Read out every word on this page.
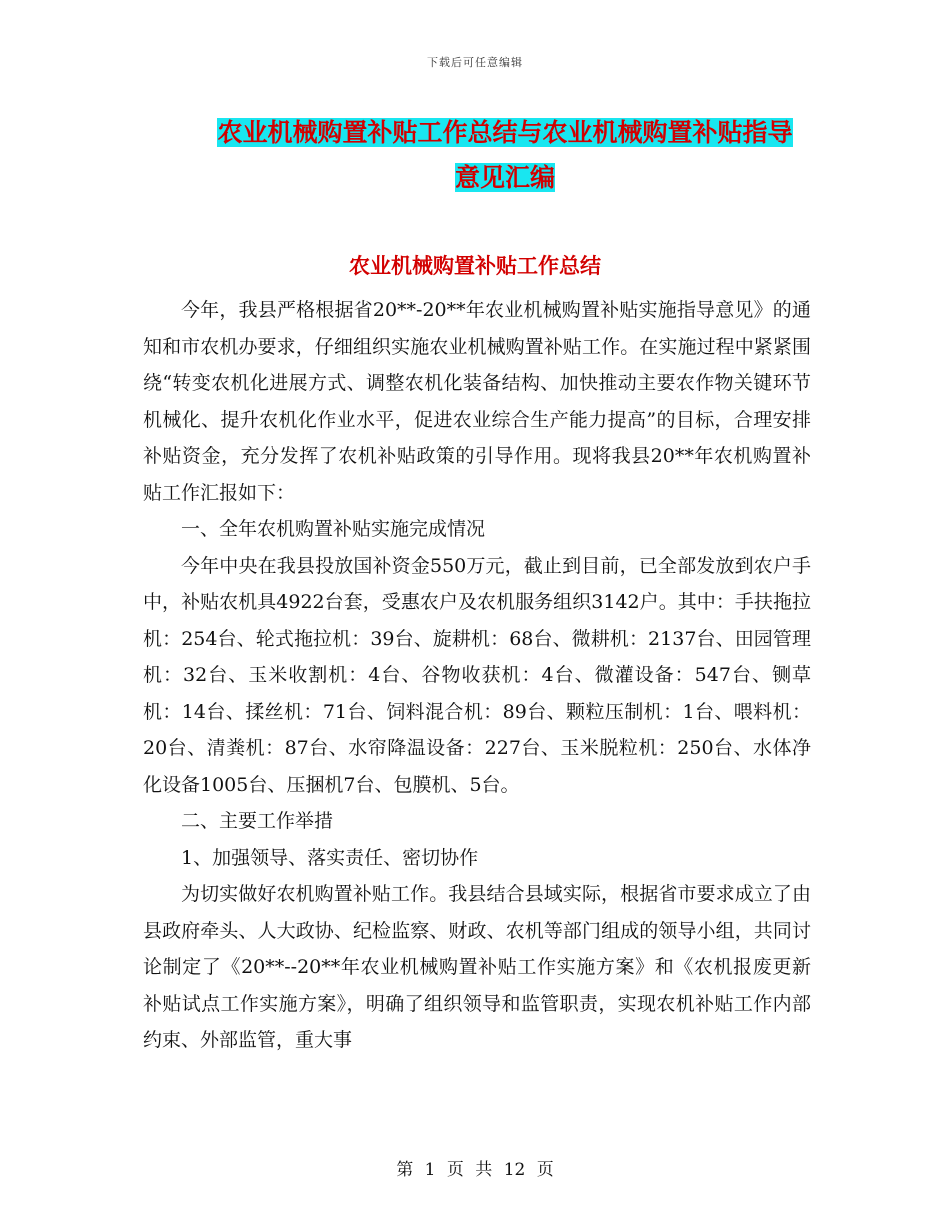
下载后可任意编辑
农业机械购置补贴工作总结与农业机械购置补贴指导
意见汇编
农业机械购置补贴工作总结

今年，我县严格根据省20**-20**年农业机械购置补贴实施指导意见》的通知和市农机办要求，仔细组织实施农业机械购置补贴工作。在实施过程中紧紧围绕“转变农机化进展方式、调整农机化装备结构、加快推动主要农作物关键环节机械化、提升农机化作业水平，促进农业综合生产能力提高”的目标，合理安排补贴资金，充分发挥了农机补贴政策的引导作用。现将我县20**年农机购置补贴工作汇报如下：

一、全年农机购置补贴实施完成情况

今年中央在我县投放国补资金550万元，截止到目前，已全部发放到农户手中，补贴农机具4922台套，受惠农户及农机服务组织3142户。其中：手扶拖拉机：254台、轮式拖拉机：39台、旋耕机：68台、微耕机：2137台、田园管理机：32台、玉米收割机：4台、谷物收获机：4台、微灌设备：547台、铡草机：14台、揉丝机：71台、饲料混合机：89台、颗粒压制机：1台、喂料机：20台、清粪机：87台、水帘降温设备：227台、玉米脱粒机：250台、水体净化设备1005台、压捆机7台、包膜机、5台。

二、主要工作举措

1、加强领导、落实责任、密切协作

为切实做好农机购置补贴工作。我县结合县域实际，根据省市要求成立了由县政府牵头、人大政协、纪检监察、财政、农机等部门组成的领导小组，共同讨论制定了《20**--20**年农业机械购置补贴工作实施方案》和《农机报废更新补贴试点工作实施方案》，明确了组织领导和监管职责，实现农机补贴工作内部约束、外部监管，重大事

第 1 页 共 12 页
